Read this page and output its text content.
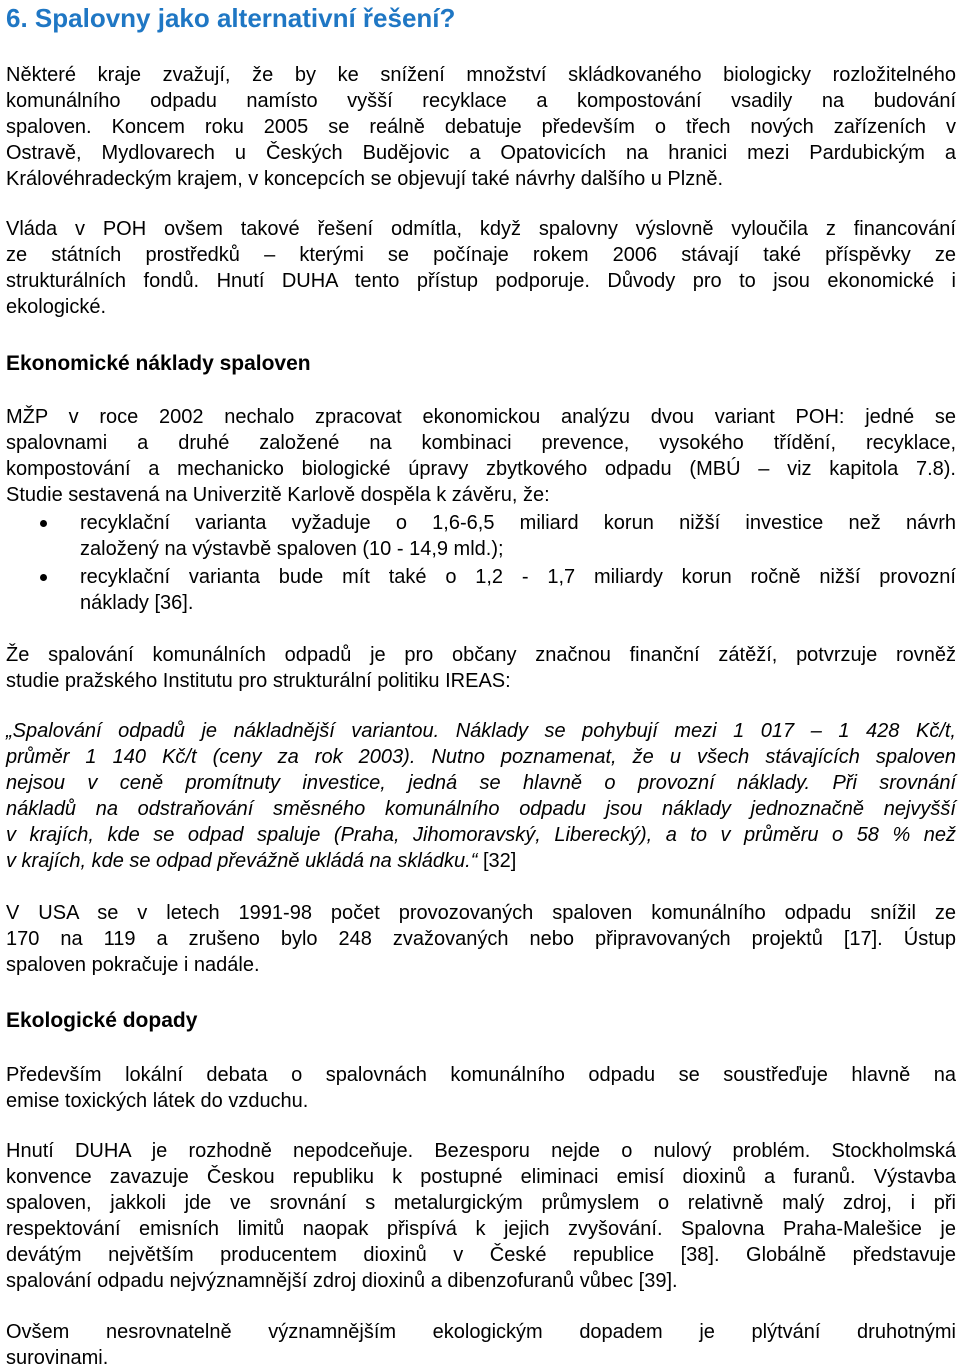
6. Spalovny jako alternativní řešení?
Některé kraje zvažují, že by ke snížení množství skládkovaného biologicky rozložitelného
komunálního odpadu namísto vyšší recyklace a kompostování vsadily na budování
spaloven. Koncem roku 2005 se reálně debatuje především o třech nových zařízeních v
Ostravě, Mydlovarech u Českých Budějovic a Opatovicích na hranici mezi Pardubickým a
Královéhradeckým krajem, v koncepcích se objevují také návrhy dalšího u Plzně.
Vláda v POH ovšem takové řešení odmítla, když spalovny výslovně vyloučila z financování
ze státních prostředků – kterými se počínaje rokem 2006 stávají také příspěvky ze
strukturálních fondů. Hnutí DUHA tento přístup podporuje. Důvody pro to jsou ekonomické i
ekologické.
Ekonomické náklady spaloven
MŽP v roce 2002 nechalo zpracovat ekonomickou analýzu dvou variant POH: jedné se
spalovnami a druhé založené na kombinaci prevence, vysokého třídění, recyklace,
kompostování a mechanicko biologické úpravy zbytkového odpadu (MBÚ – viz kapitola 7.8).
Studie sestavená na Univerzitě Karlově dospěla k závěru, že:
recyklační varianta vyžaduje o 1,6-6,5 miliard korun nižší investice než návrh
založený na výstavbě spaloven (10 - 14,9 mld.);
recyklační varianta bude mít také o 1,2 - 1,7 miliardy korun ročně nižší provozní
náklady [36].
Že spalování komunálních odpadů je pro občany značnou finanční zátěží, potvrzuje rovněž
studie pražského Institutu pro strukturální politiku IREAS:
„Spalování odpadů je nákladnější variantou. Náklady se pohybují mezi 1 017 – 1 428 Kč/t,
průměr 1 140 Kč/t (ceny za rok 2003). Nutno poznamenat, že u všech stávajících spaloven
nejsou v ceně promítnuty investice, jedná se hlavně o provozní náklady. Při srovnání
nákladů na odstraňování směsného komunálního odpadu jsou náklady jednoznačně nejvyšší
v krajích, kde se odpad spaluje (Praha, Jihomoravský, Liberecký), a to v průměru o 58 % než
v krajích, kde se odpad převážně ukládá na skládku.“ [32]
V USA se v letech 1991-98 počet provozovaných spaloven komunálního odpadu snížil ze
170 na 119 a zrušeno bylo 248 zvažovaných nebo připravovaných projektů [17]. Ústup
spaloven pokračuje i nadále.
Ekologické dopady
Především lokální debata o spalovnách komunálního odpadu se soustřeďuje hlavně na
emise toxických látek do vzduchu.
Hnutí DUHA je rozhodně nepodceňuje. Bezesporu nejde o nulový problém. Stockholmská
konvence zavazuje Českou republiku k postupné eliminaci emisí dioxinů a furanů. Výstavba
spaloven, jakkoli jde ve srovnání s metalurgickým průmyslem o relativně malý zdroj, i při
respektování emisních limitů naopak přispívá k jejich zvyšování. Spalovna Praha-Malešice je
devátým největším producentem dioxinů v České republice [38]. Globálně představuje
spalování odpadu nejvýznamnější zdroj dioxinů a dibenzofuranů vůbec [39].
Ovšem nesrovnatelně významnějším ekologickým dopadem je plýtvání druhotnými
surovinami.
